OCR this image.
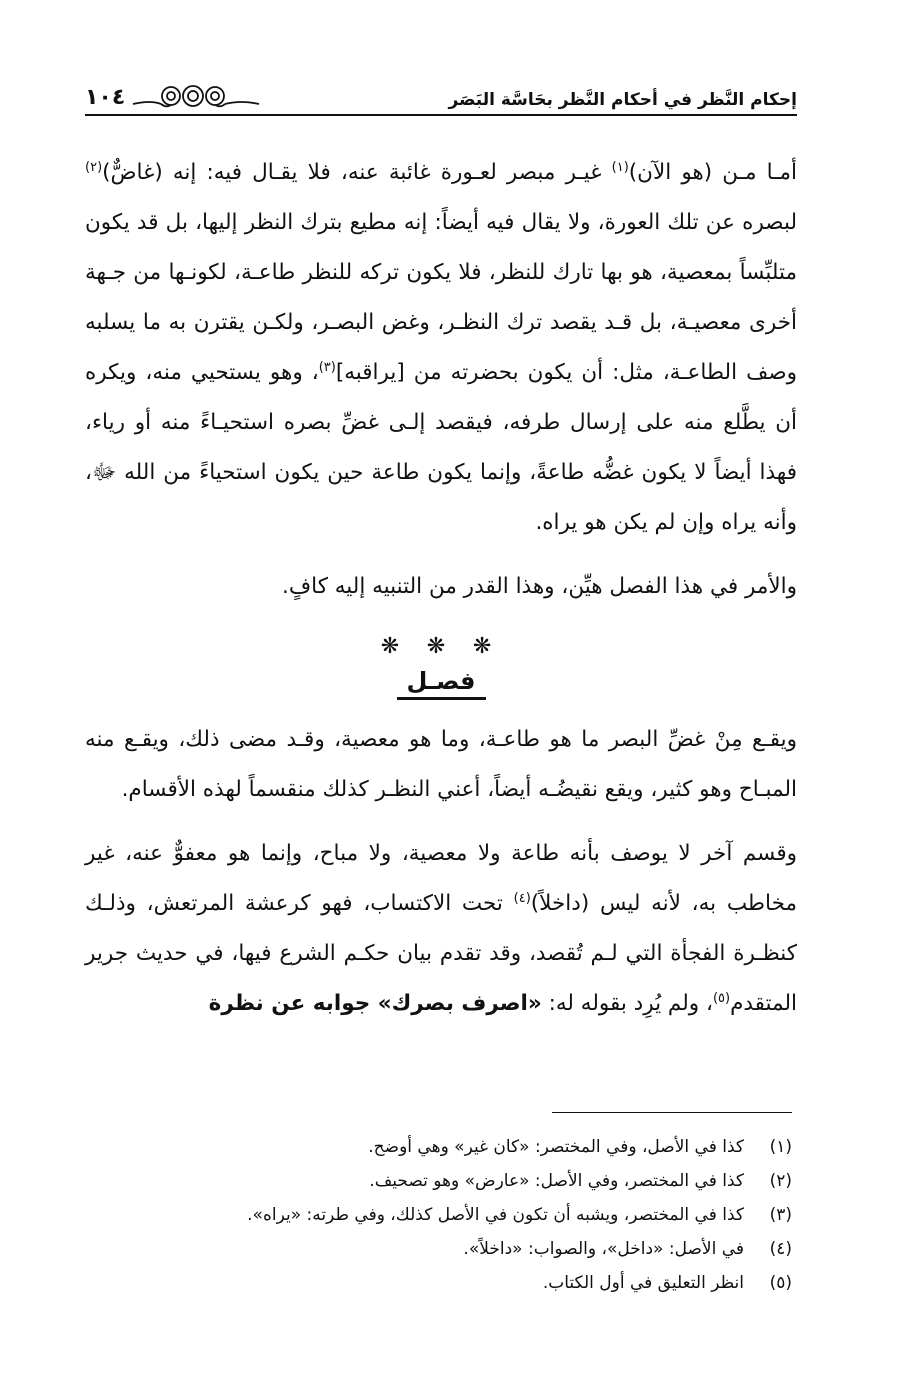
إحكام النَّظر في أحكام النَّظر بحَاسَّة البَصَر
١٠٤

أمـا مـن (هو الآن)$^{(١)}$ غيـر مبصر لعـورة غائبة عنه، فلا يقـال فيه: إنه (غاضٌّ)$^{(٢)}$ لبصره عن تلك العورة، ولا يقال فيه أيضاً: إنه مطيع بترك النظر إليها، بل قد يكون متلبِّساً بمعصية، هو بها تارك للنظر، فلا يكون تركه للنظر طاعـة، لكونـها من جـهة أخرى معصيـة، بل قـد يقصد ترك النظـر، وغض البصـر، ولكـن يقترن به ما يسلبه وصف الطاعـة، مثل: أن يكون بحضرته من [يراقبه]$^{(٣)}$، وهو يستحيي منه، ويكره أن يطَّلع منه على إرسال طرفه، فيقصد إلـى غضِّ بصره استحيـاءً منه أو رياء، فهذا أيضاً لا يكون غضُّه طاعةً، وإنما يكون طاعة حين يكون استحياءً من الله ﷻ، وأنه يراه وإن لم يكن هو يراه.

والأمر في هذا الفصل هيِّن، وهذا القدر من التنبيه إليه كافٍ.

❋ ❋ ❋
فصـل

ويقـع مِنْ غضِّ البصر ما هو طاعـة، وما هو معصية، وقـد مضى ذلك، ويقـع منه المبـاح وهو كثير، ويقع نقيضُـه أيضاً، أعني النظـر كذلك منقسماً لهذه الأقسام.

وقسم آخر لا يوصف بأنه طاعة ولا معصية، ولا مباح، وإنما هو معفوٌّ عنه، غير مخاطب به، لأنه ليس (داخلاً)$^{(٤)}$ تحت الاكتساب، فهو كرعشة المرتعش، وذلـك كنظـرة الفجأة التي لـم تُقصد، وقد تقدم بيان حكـم الشرع فيها، في حديث جرير المتقدم$^{(٥)}$، ولم يُرِد بقوله له: «اصرف بصرك» جوابه عن نظرة

(١)
كذا في الأصل، وفي المختصر: «كان غير» وهي أوضح.
(٢)
كذا في المختصر، وفي الأصل: «عارض» وهو تصحيف.
(٣)
كذا في المختصر، ويشبه أن تكون في الأصل كذلك، وفي طرته: «يراه».
(٤)
في الأصل: «داخل»، والصواب: «داخلاً».
(٥)
انظر التعليق في أول الكتاب.
